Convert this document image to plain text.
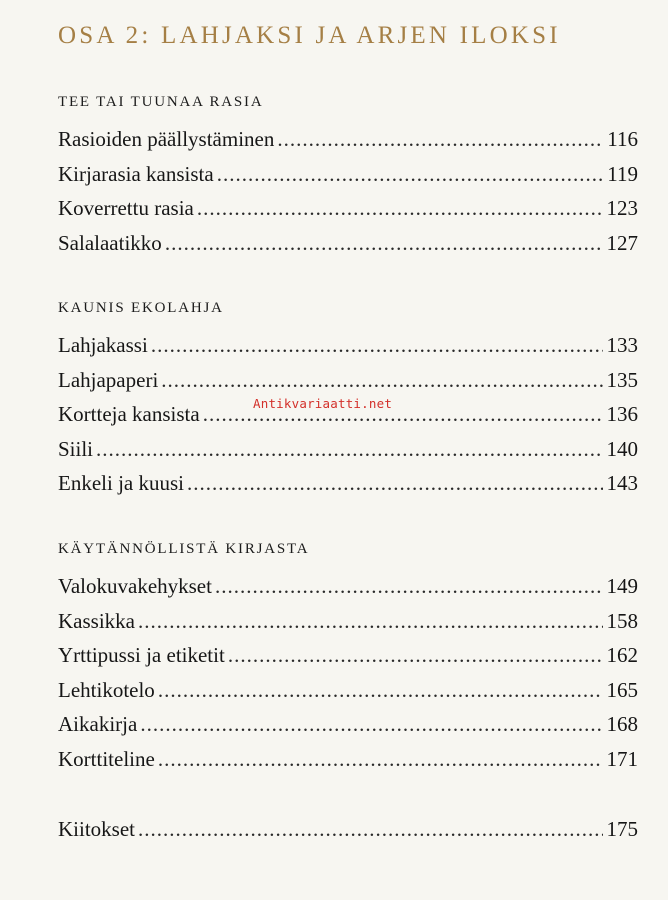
OSA 2: LAHJAKSI JA ARJEN ILOKSI
TEE TAI TUUNAA RASIA
Rasioiden päällystäminen .....	116
Kirjarasia kansista .....	119
Koverrettu rasia .....	123
Salalaatikko .....	127
KAUNIS EKOLAHJA
Lahjakassi .....	133
Lahjapaperi .....	135
Kortteja kansista .....	136
Siili .....	140
Enkeli ja kuusi .....	143
KÄYTÄNNÖLLISTÄ KIRJASTA
Valokuvakehykset .....	149
Kassikka .....	158
Yrttipussi ja etiketit .....	162
Lehtikotelo .....	165
Aikakirja .....	168
Korttiteline .....	171
Kiitokset .....	175
Antikvariaatti.net
